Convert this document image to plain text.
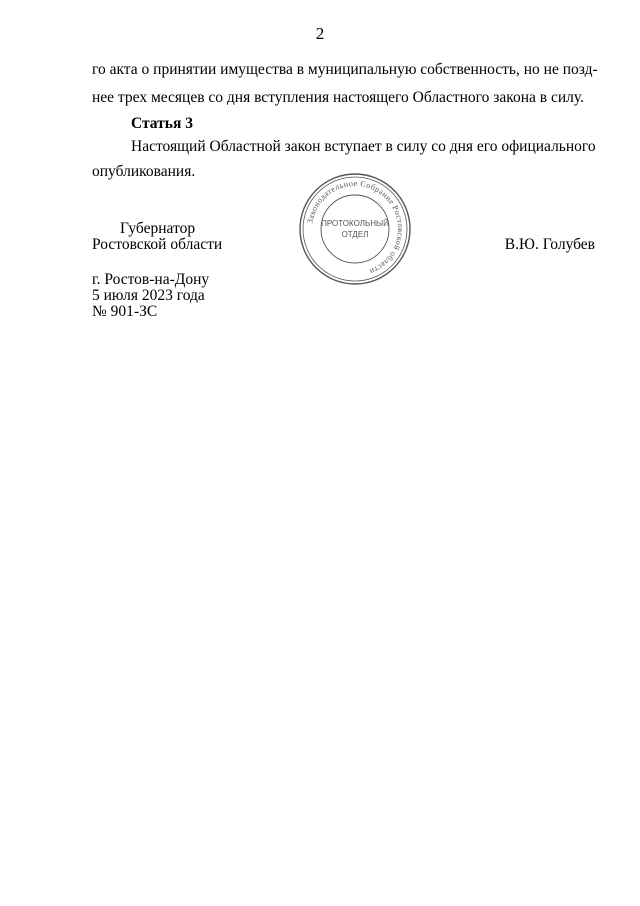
2
го акта о принятии имущества в муниципальную собственность, но не позд-
нее трех месяцев со дня вступления настоящего Областного закона в силу.
Статья 3
Настоящий Областной закон вступает в силу со дня его официального
опубликования.
Губернатор
Ростовской области	В.Ю. Голубев
г. Ростов-на-Дону
5 июля 2023 года
№ 901-ЗС
Законодательное Собрание Ростовской области
ПРОТОКОЛЬНЫЙ
ОТДЕЛ
